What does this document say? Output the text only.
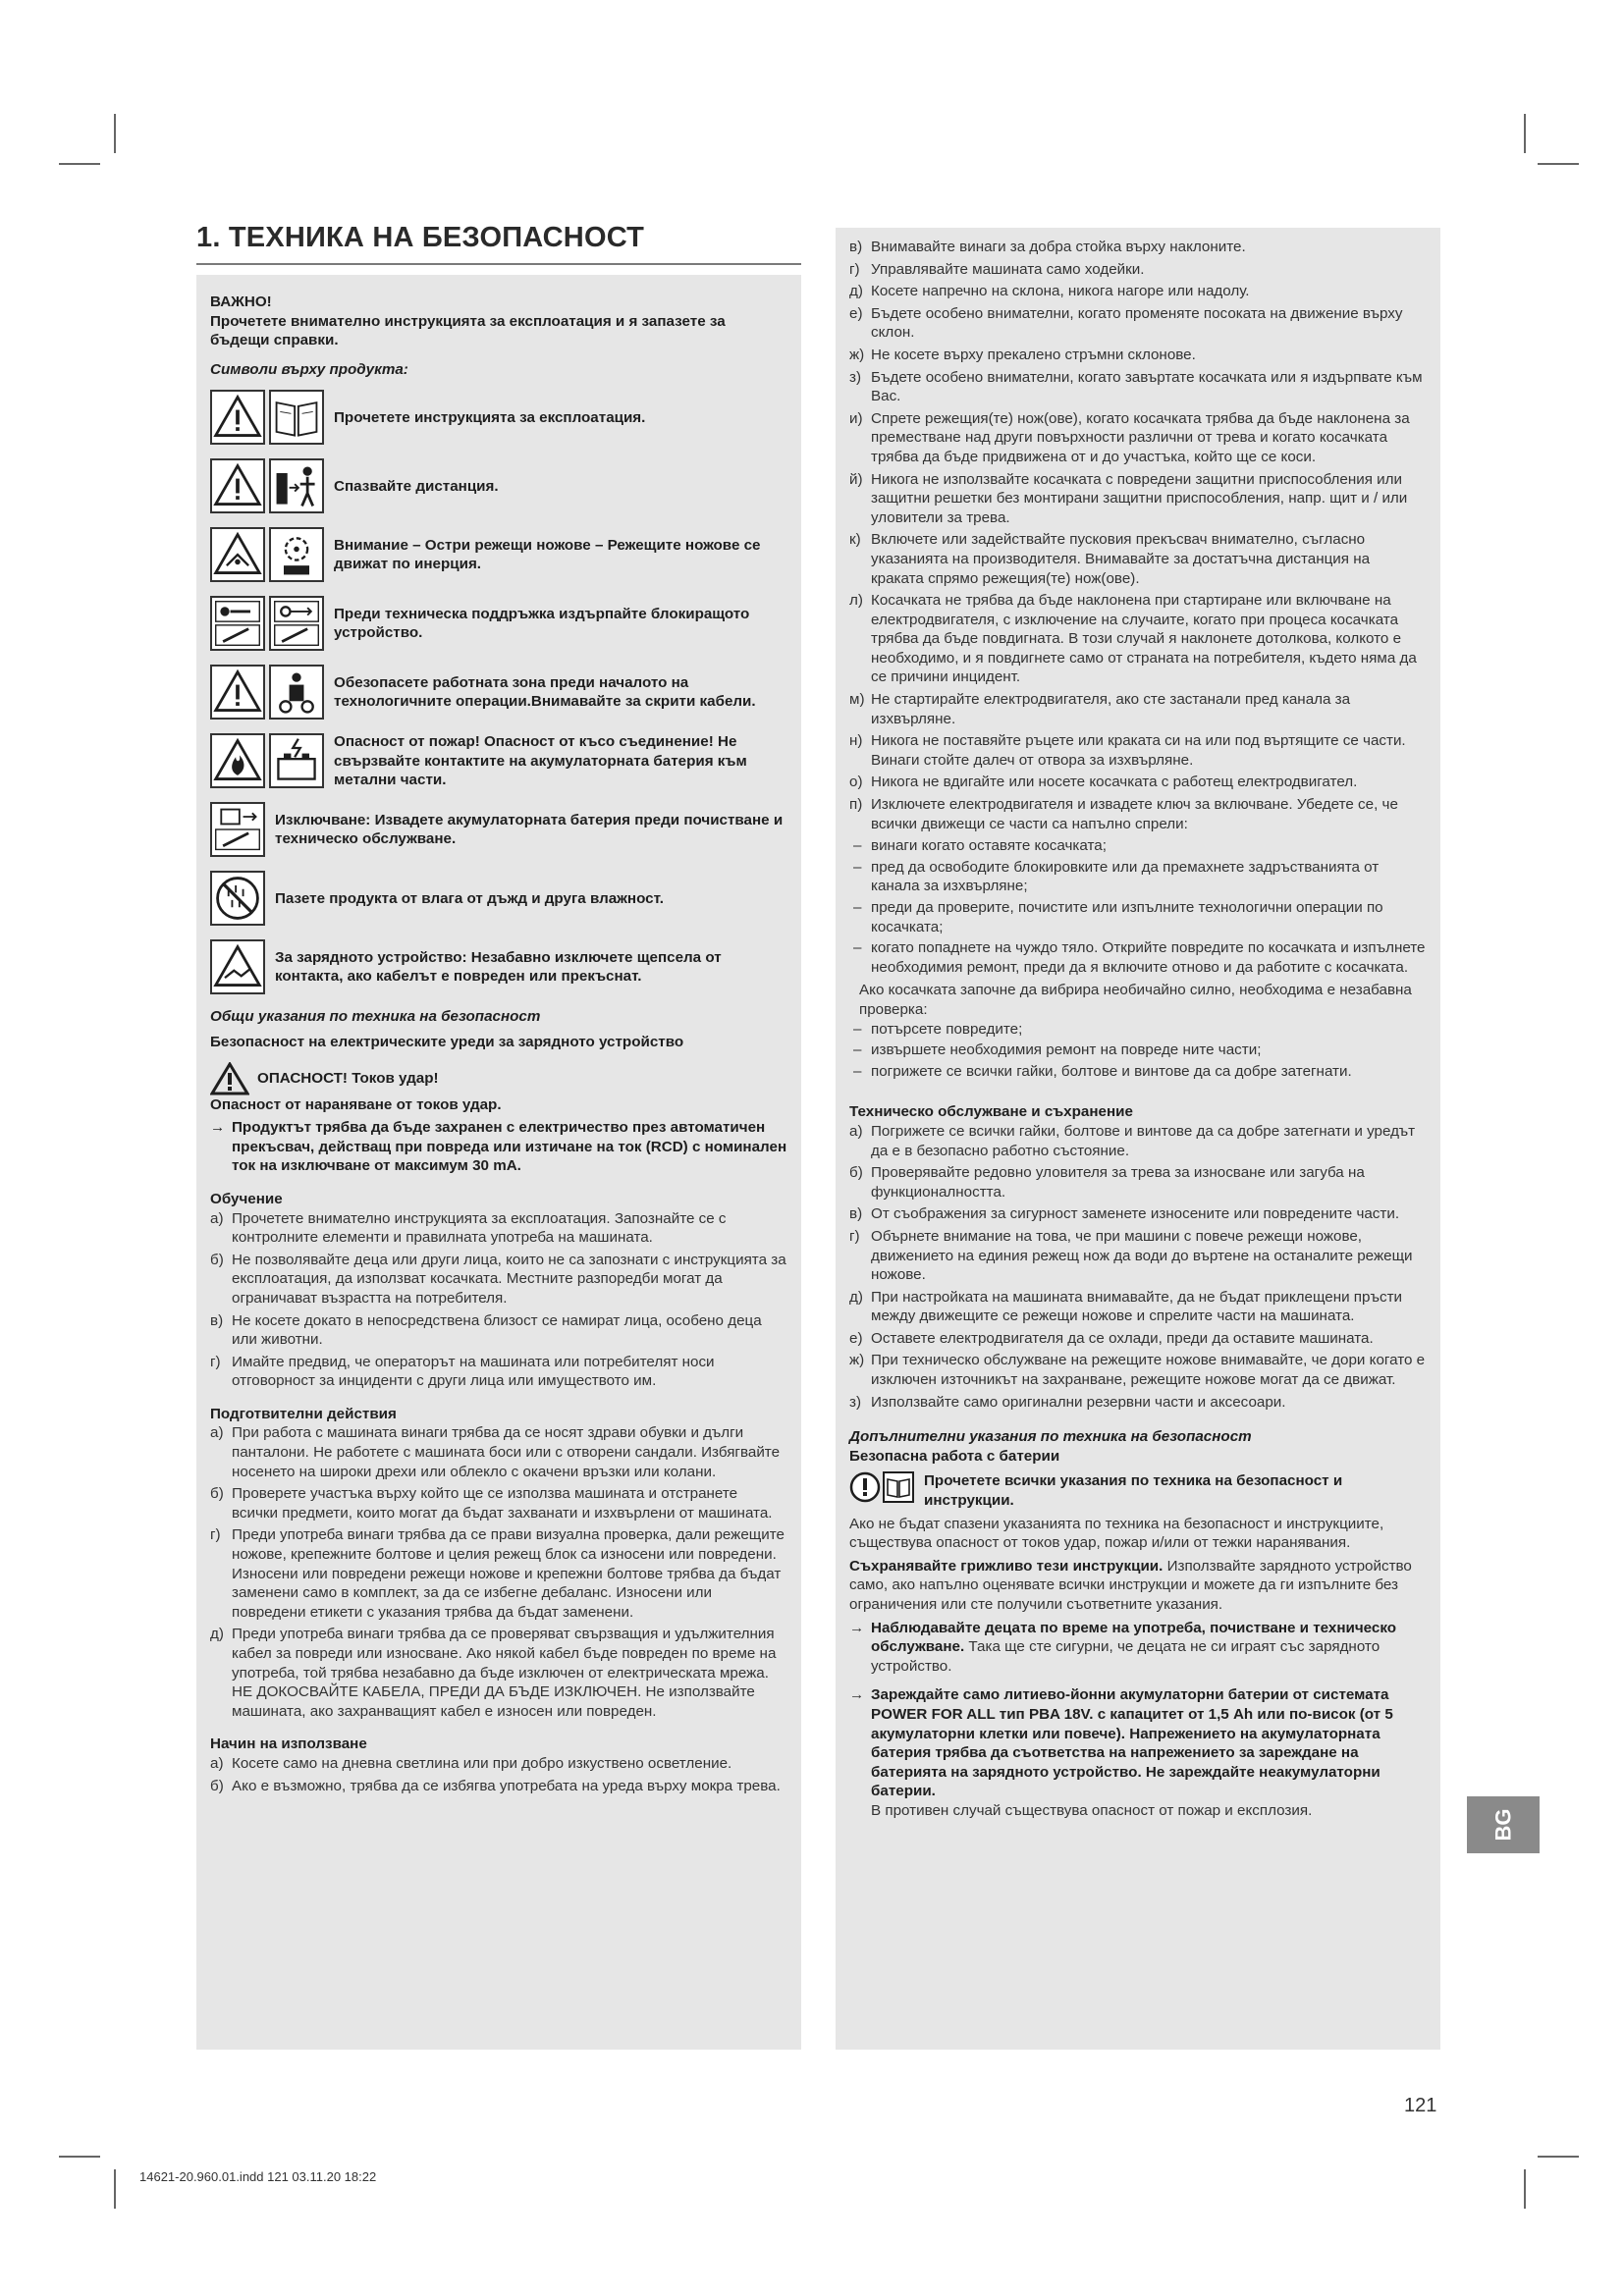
1. ТЕХНИКА НА БЕЗОПАСНОСТ
ВАЖНО!
Прочетете внимателно инструкцията за експлоатация и я запазете за бъдещи справки.
Символи върху продукта:
Прочетете инструкцията за експлоатация.
Спазвайте дистанция.
Внимание – Остри режещи ножове – Режещите ножове се движат по инерция.
Преди техническа поддръжка издърпайте блокиращото устройство.
Обезопасете работната зона преди началото на технологичните операции.Внимавайте за скрити кабели.
Опасност от пожар! Опасност от късо съединение! Не свързвайте контактите на акумулаторната батерия към метални части.
Изключване: Извадете акумулаторната батерия преди почистване и техническо обслужване.
Пазете продукта от влага от дъжд и друга влажност.
За зарядното устройство: Незабавно изключете щепсела от контакта, ако кабелът е повреден или прекъснат.
Общи указания по техника на безопасност
Безопасност на електрическите уреди за зарядното устройство
ОПАСНОСТ! Токов удар!
Опасност от нараняване от токов удар.
→ Продуктът трябва да бъде захранен с електричество през автоматичен прекъсвач, действащ при повреда или изтичане на ток (RCD) с номинален ток на изключване от максимум 30 mA.
Обучение
а) Прочетете внимателно инструкцията за експлоатация. Запознайте се с контролните елементи и правилната употреба на машината.
б) Не позволявайте деца или други лица, които не са запознати с инструкцията за експлоатация, да използват косачката. Местните разпоредби могат да ограничават възрастта на потребителя.
в) Не косете докато в непосредствена близост се намират лица, особено деца или животни.
г) Имайте предвид, че операторът на машината или потребителят носи отговорност за инциденти с други лица или имуществото им.
Подготвителни действия
а) При работа с машината винаги трябва да се носят здрави обувки и дълги панталони. Не работете с машината боси или с отворени сандали. Избягвайте носенето на широки дрехи или облекло с окачени връзки или колани.
б) Проверете участъка върху който ще се използва машината и отстранете всички предмети, които могат да бъдат захванати и изхвърлени от машината.
г) Преди употреба винаги трябва да се прави визуална проверка, дали режещите ножове, крепежните болтове и целия режещ блок са износени или повредени. Износени или повредени режещи ножове и крепежни болтове трябва да бъдат заменени само в комплект, за да се избегне дебаланс. Износени или повредени етикети с указания трябва да бъдат заменени.
д) Преди употреба винаги трябва да се проверяват свързващия и удължителния кабел за повреди или износване. Ако някой кабел бъде повреден по време на употреба, той трябва незабавно да бъде изключен от електрическата мрежа. НЕ ДОКОСВАЙТЕ КАБЕЛА, ПРЕДИ ДА БЪДЕ ИЗКЛЮЧЕН. Не използвайте машината, ако захранващият кабел е износен или повреден.
Начин на използване
а) Косете само на дневна светлина или при добро изкуствено осветление.
б) Ако е възможно, трябва да се избягва употребата на уреда върху мокра трева.
в) Внимавайте винаги за добра стойка върху наклоните.
г) Управлявайте машината само ходейки.
д) Косете напречно на склона, никога нагоре или надолу.
е) Бъдете особено внимателни, когато променяте посоката на движение върху склон.
ж) Не косете върху прекалено стръмни склонове.
з) Бъдете особено внимателни, когато завъртате косачката или я издърпвате към Вас.
и) Спрете режещия(те) нож(ове), когато косачката трябва да бъде наклонена за преместване над други повърхности различни от трева и когато косачката трябва да бъде придвижена от и до участъка, който ще се коси.
й) Никога не използвайте косачката с повредени защитни приспособления или защитни решетки без монтирани защитни приспособления, напр. щит и / или уловители за трева.
к) Включете или задействайте пусковия прекъсвач внимателно, съгласно указанията на производителя. Внимавайте за достатъчна дистанция на краката спрямо режещия(те) нож(ове).
л) Косачката не трябва да бъде наклонена при стартиране или включване на електродвигателя, с изключение на случаите, когато при процеса косачката трябва да бъде повдигната. В този случай я наклонете дотолкова, колкото е необходимо, и я повдигнете само от страната на потребителя, където няма да се причини инцидент.
м) Не стартирайте електродвигателя, ако сте застанали пред канала за изхвърляне.
н) Никога не поставяйте ръцете или краката си на или под въртящите се части. Винаги стойте далеч от отвора за изхвърляне.
о) Никога не вдигайте или носете косачката с работещ електродвигател.
п) Изключете електродвигателя и извадете ключ за включване. Убедете се, че всички движещи се части са напълно спрели:
– винаги когато оставяте косачката;
– пред да освободите блокировките или да премахнете задръстванията от канала за изхвърляне;
– преди да проверите, почистите или изпълните технологични операции по косачката;
– когато попаднете на чуждо тяло. Открийте повредите по косачката и изпълнете необходимия ремонт, преди да я включите отново и да работите с косачката.
Ако косачката започне да вибрира необичайно силно, необходима е незабавна проверка:
– потърсете повредите;
– извършете необходимия ремонт на повреде ните части;
– погрижете се всички гайки, болтове и винтове да са добре затегнати.
Техническо обслужване и съхранение
а) Погрижете се всички гайки, болтове и винтове да са добре затегнати и уредът да е в безопасно работно състояние.
б) Проверявайте редовно уловителя за трева за износване или загуба на функционалността.
в) От съображения за сигурност заменете износените или повредените части.
г) Обърнете внимание на това, че при машини с повече режещи ножове, движението на единия режещ нож да води до въртене на останалите режещи ножове.
д) При настройката на машината внимавайте, да не бъдат приклещени пръсти между движещите се режещи ножове и спрелите части на машината.
е) Оставете електродвигателя да се охлади, преди да оставите машината.
ж) При техническо обслужване на режещите ножове внимавайте, че дори когато е изключен източникът на захранване, режещите ножове могат да се движат.
з) Използвайте само оригинални резервни части и аксесоари.
Допълнителни указания по техника на безопасност
Безопасна работа с батерии
Прочетете всички указания по техника на безопасност и инструкции.
Ако не бъдат спазени указанията по техника на безопасност и инструкциите, съществува опасност от токов удар, пожар и/или от тежки наранявания.
Съхранявайте грижливо тези инструкции. Използвайте зарядното устройство само, ако напълно оценявате всички инструкции и можете да ги изпълните без ограничения или сте получили съответните указания.
→ Наблюдавайте децата по време на употреба, почистване и техническо обслужване. Така ще сте сигурни, че децата не си играят със зарядното устройство.
→ Зареждайте само литиево-йонни акумулаторни батерии от системата POWER FOR ALL тип PBA 18V. с капацитет от 1,5 Ah или по-висок (от 5 акумулаторни клетки или повече). Напрежението на акумулаторната батерия трябва да съответства на напрежението за зареждане на батерията на зарядното устройство. Не зареждайте неакумулаторни батерии.
В противен случай съществува опасност от пожар и експлозия.	BG
121
14621-20.960.01.indd 121 03.11.20 18:22
